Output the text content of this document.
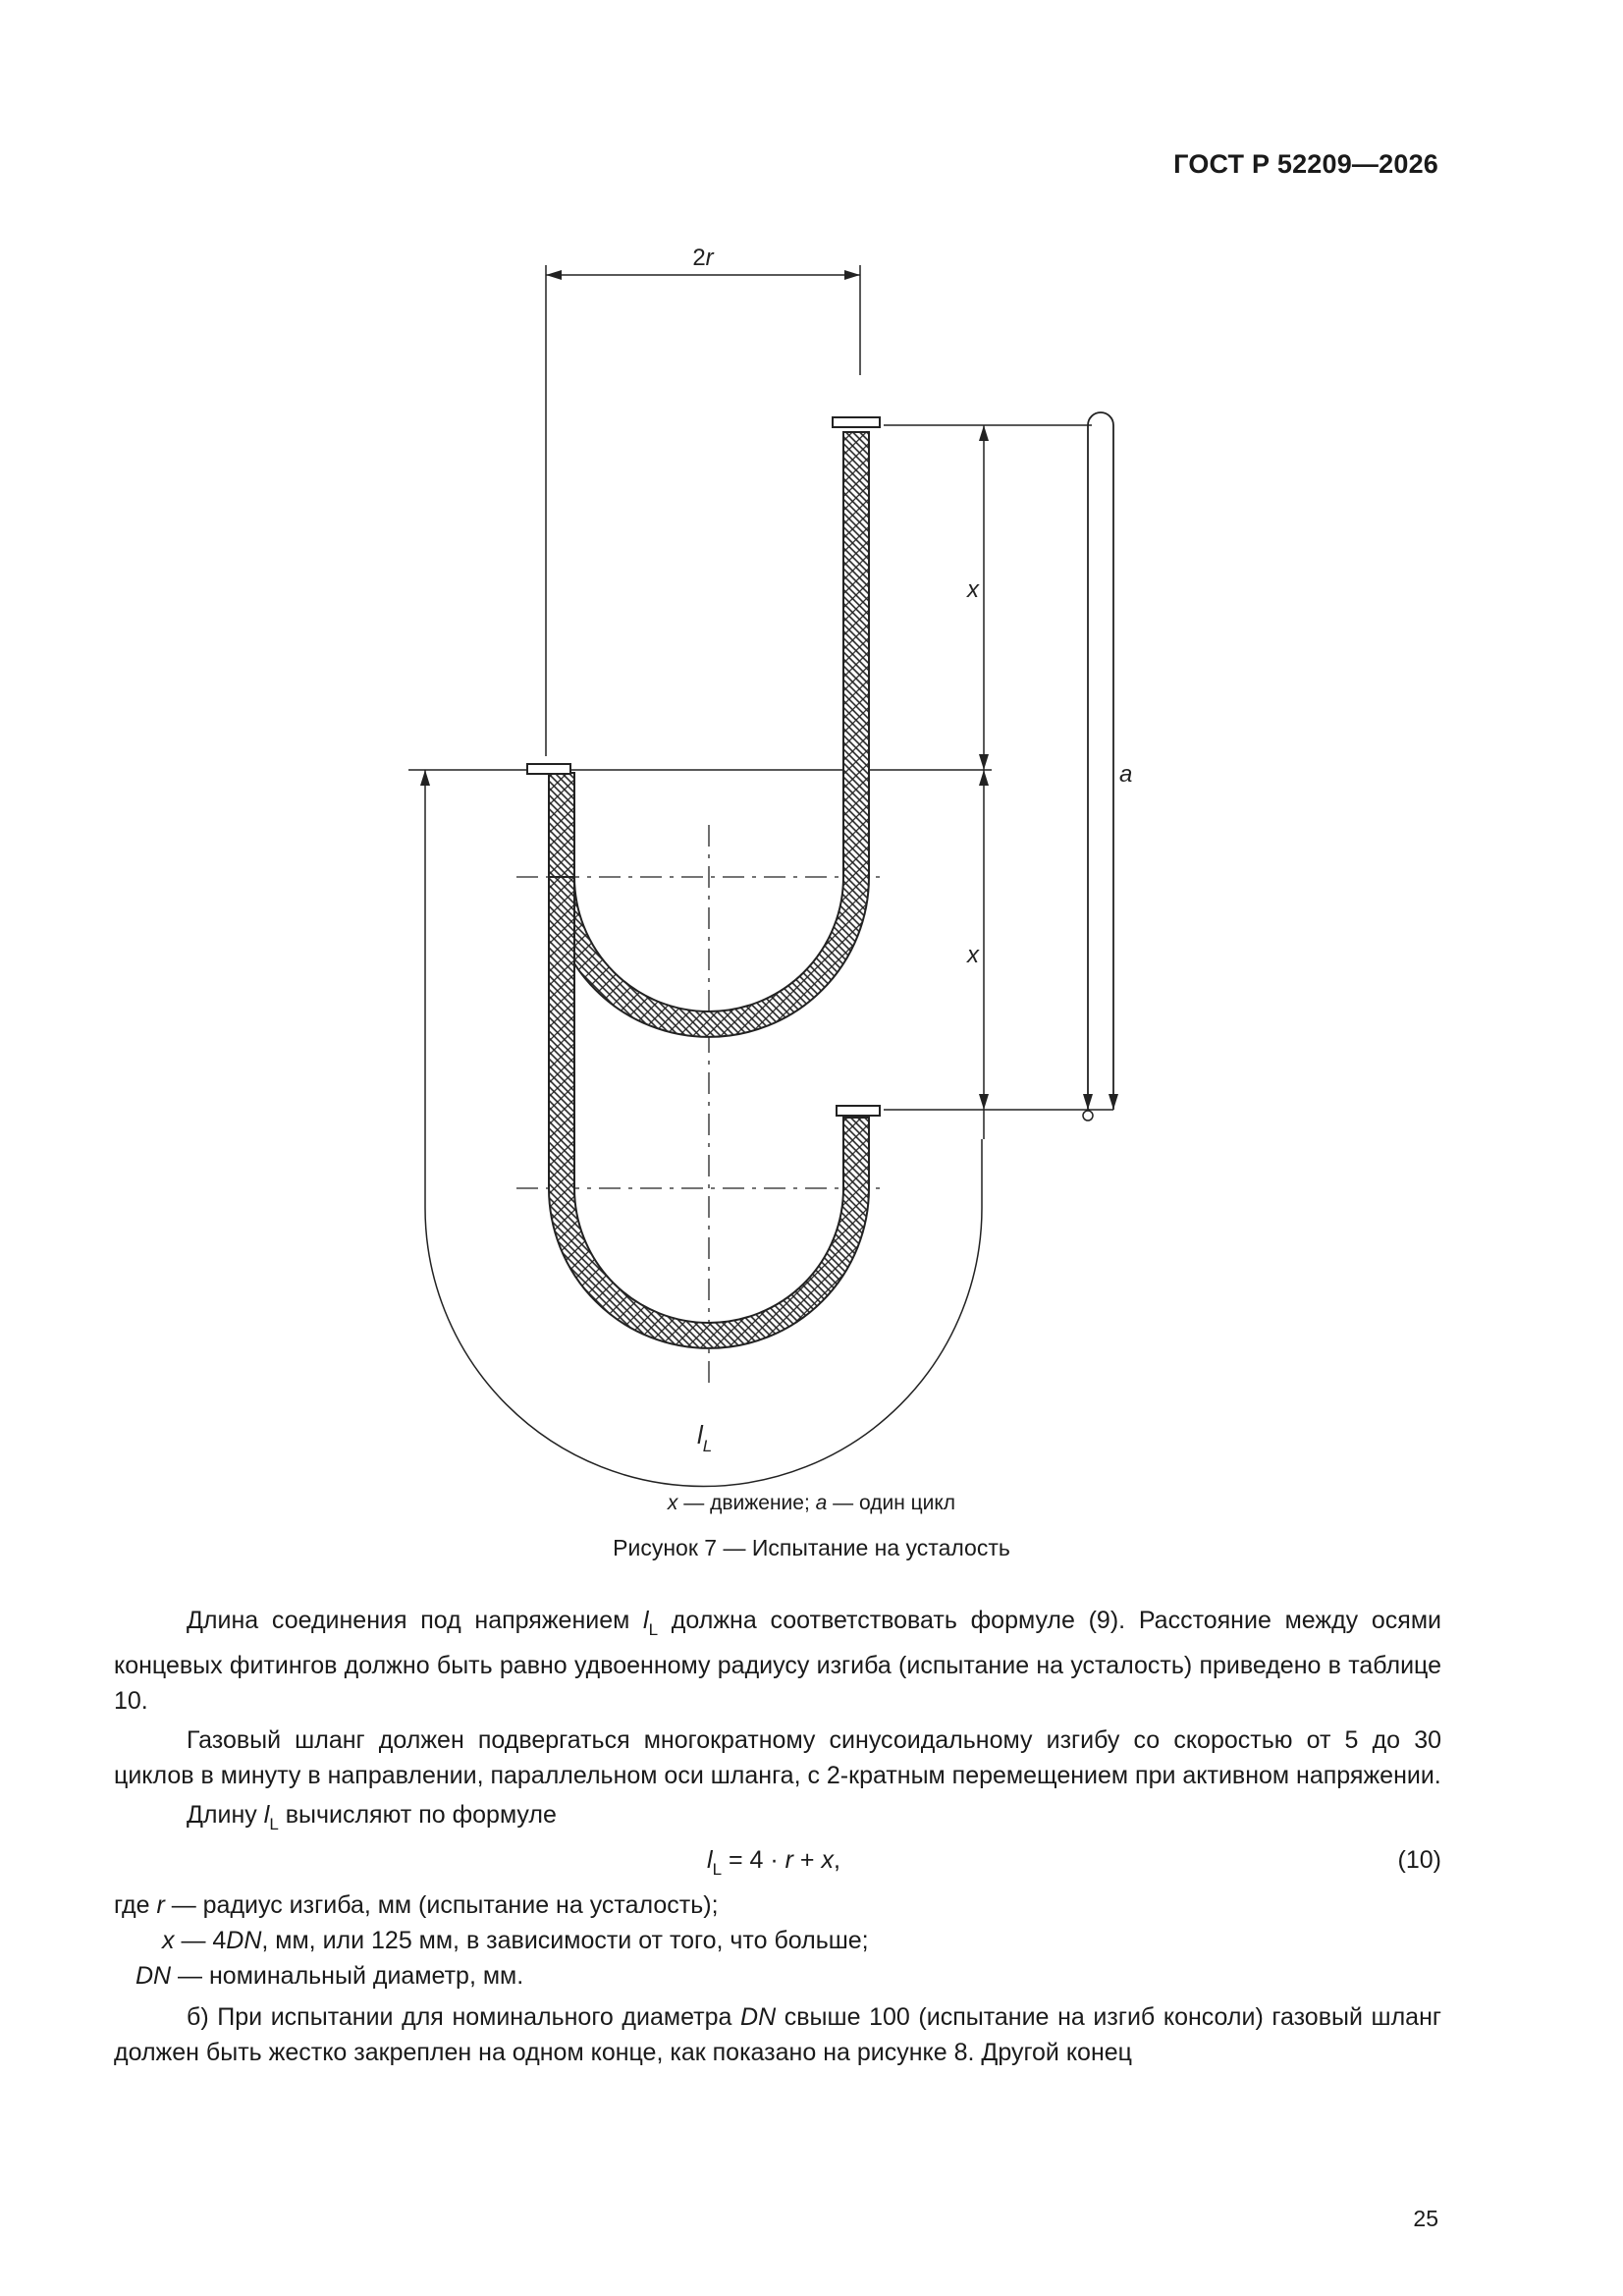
ГОСТ Р 52209—2026
2r
x
x
a
$l_L$
x — движение; a — один цикл
Рисунок 7 — Испытание на усталость

Длина соединения под напряжением $l_L$ должна соответствовать формуле (9). Расстояние между осями концевых фитингов должно быть равно удвоенному радиусу изгиба (испытание на усталость) приведено в таблице 10.

Газовый шланг должен подвергаться многократному синусоидальному изгибу со скоростью от 5 до 30 циклов в минуту в направлении, параллельном оси шланга, с 2-кратным перемещением при активном напряжении.

Длину $l_L$ вычисляют по формуле

$l_L = 4 \cdot r + x$,	(10)
где r — радиус изгиба, мм (испытание на усталость);
x — 4DN, мм, или 125 мм, в зависимости от того, что больше;
DN — номинальный диаметр, мм.

б) При испытании для номинального диаметра DN свыше 100 (испытание на изгиб консоли) газовый шланг должен быть жестко закреплен на одном конце, как показано на рисунке 8. Другой конец

25
